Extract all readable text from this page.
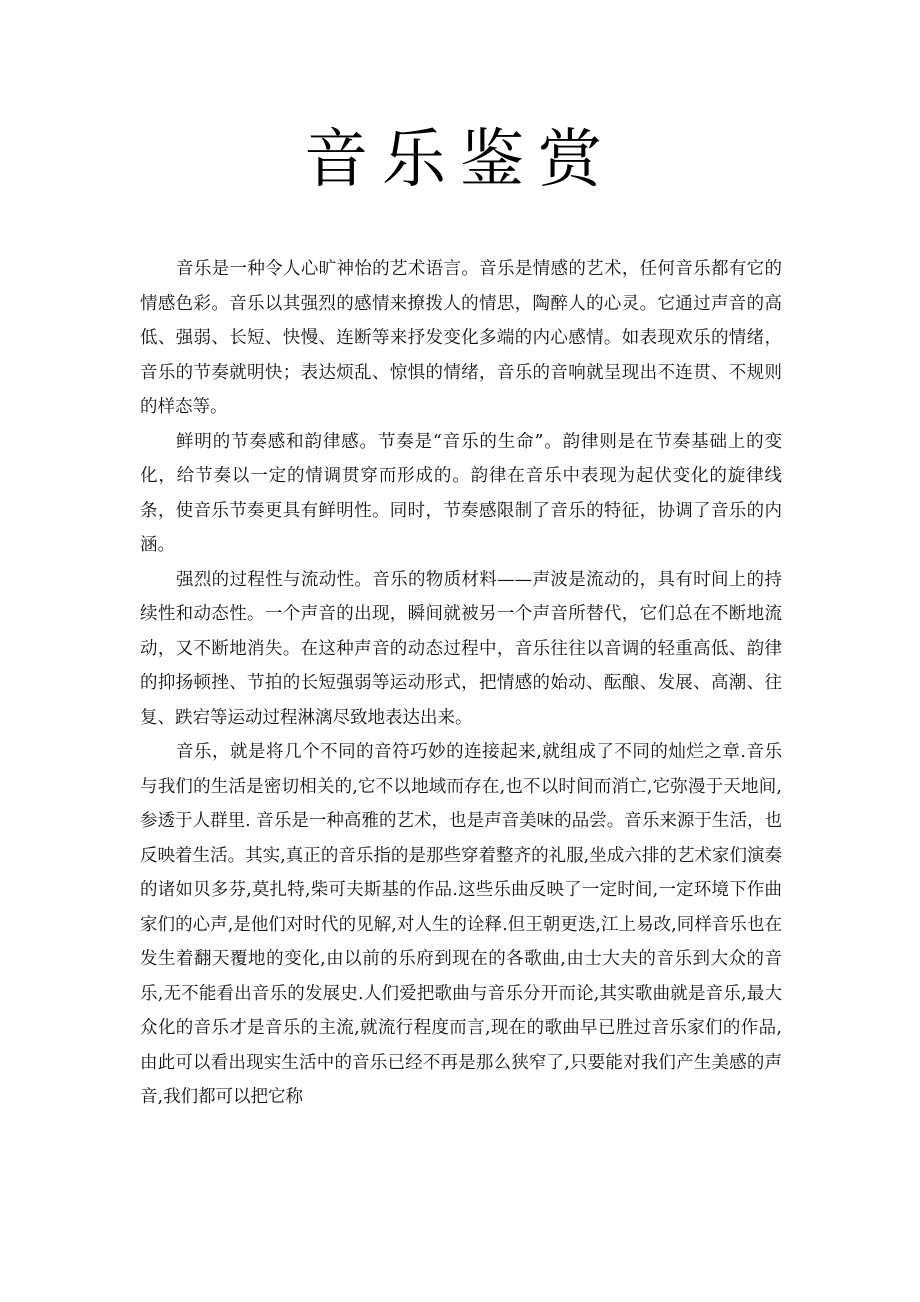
音乐鉴赏

音乐是一种令人心旷神怡的艺术语言。音乐是情感的艺术，任何音乐都有它的情感色彩。音乐以其强烈的感情来撩拨人的情思，陶醉人的心灵。它通过声音的高低、强弱、长短、快慢、连断等来抒发变化多端的内心感情。如表现欢乐的情绪，音乐的节奏就明快；表达烦乱、惊惧的情绪，音乐的音响就呈现出不连贯、不规则的样态等。

鲜明的节奏感和韵律感。节奏是“音乐的生命”。韵律则是在节奏基础上的变化，给节奏以一定的情调贯穿而形成的。韵律在音乐中表现为起伏变化的旋律线条，使音乐节奏更具有鲜明性。同时，节奏感限制了音乐的特征，协调了音乐的内涵。

强烈的过程性与流动性。音乐的物质材料——声波是流动的，具有时间上的持续性和动态性。一个声音的出现，瞬间就被另一个声音所替代，它们总在不断地流动，又不断地消失。在这种声音的动态过程中，音乐往往以音调的轻重高低、韵律的抑扬顿挫、节拍的长短强弱等运动形式，把情感的始动、酝酿、发展、高潮、往复、跌宕等运动过程淋漓尽致地表达出来。

音乐，就是将几个不同的音符巧妙的连接起来,就组成了不同的灿烂之章.音乐与我们的生活是密切相关的,它不以地域而存在,也不以时间而消亡,它弥漫于天地间,参透于人群里. 音乐是一种高雅的艺术，也是声音美味的品尝。音乐来源于生活，也反映着生活。其实,真正的音乐指的是那些穿着整齐的礼服,坐成六排的艺术家们演奏的诸如贝多芬,莫扎特,柴可夫斯基的作品.这些乐曲反映了一定时间,一定环境下作曲家们的心声,是他们对时代的见解,对人生的诠释.但王朝更迭,江上易改,同样音乐也在发生着翻天覆地的变化,由以前的乐府到现在的各歌曲,由士大夫的音乐到大众的音乐,无不能看出音乐的发展史.人们爱把歌曲与音乐分开而论,其实歌曲就是音乐,最大众化的音乐才是音乐的主流,就流行程度而言,现在的歌曲早已胜过音乐家们的作品,由此可以看出现实生活中的音乐已经不再是那么狭窄了,只要能对我们产生美感的声音,我们都可以把它称
